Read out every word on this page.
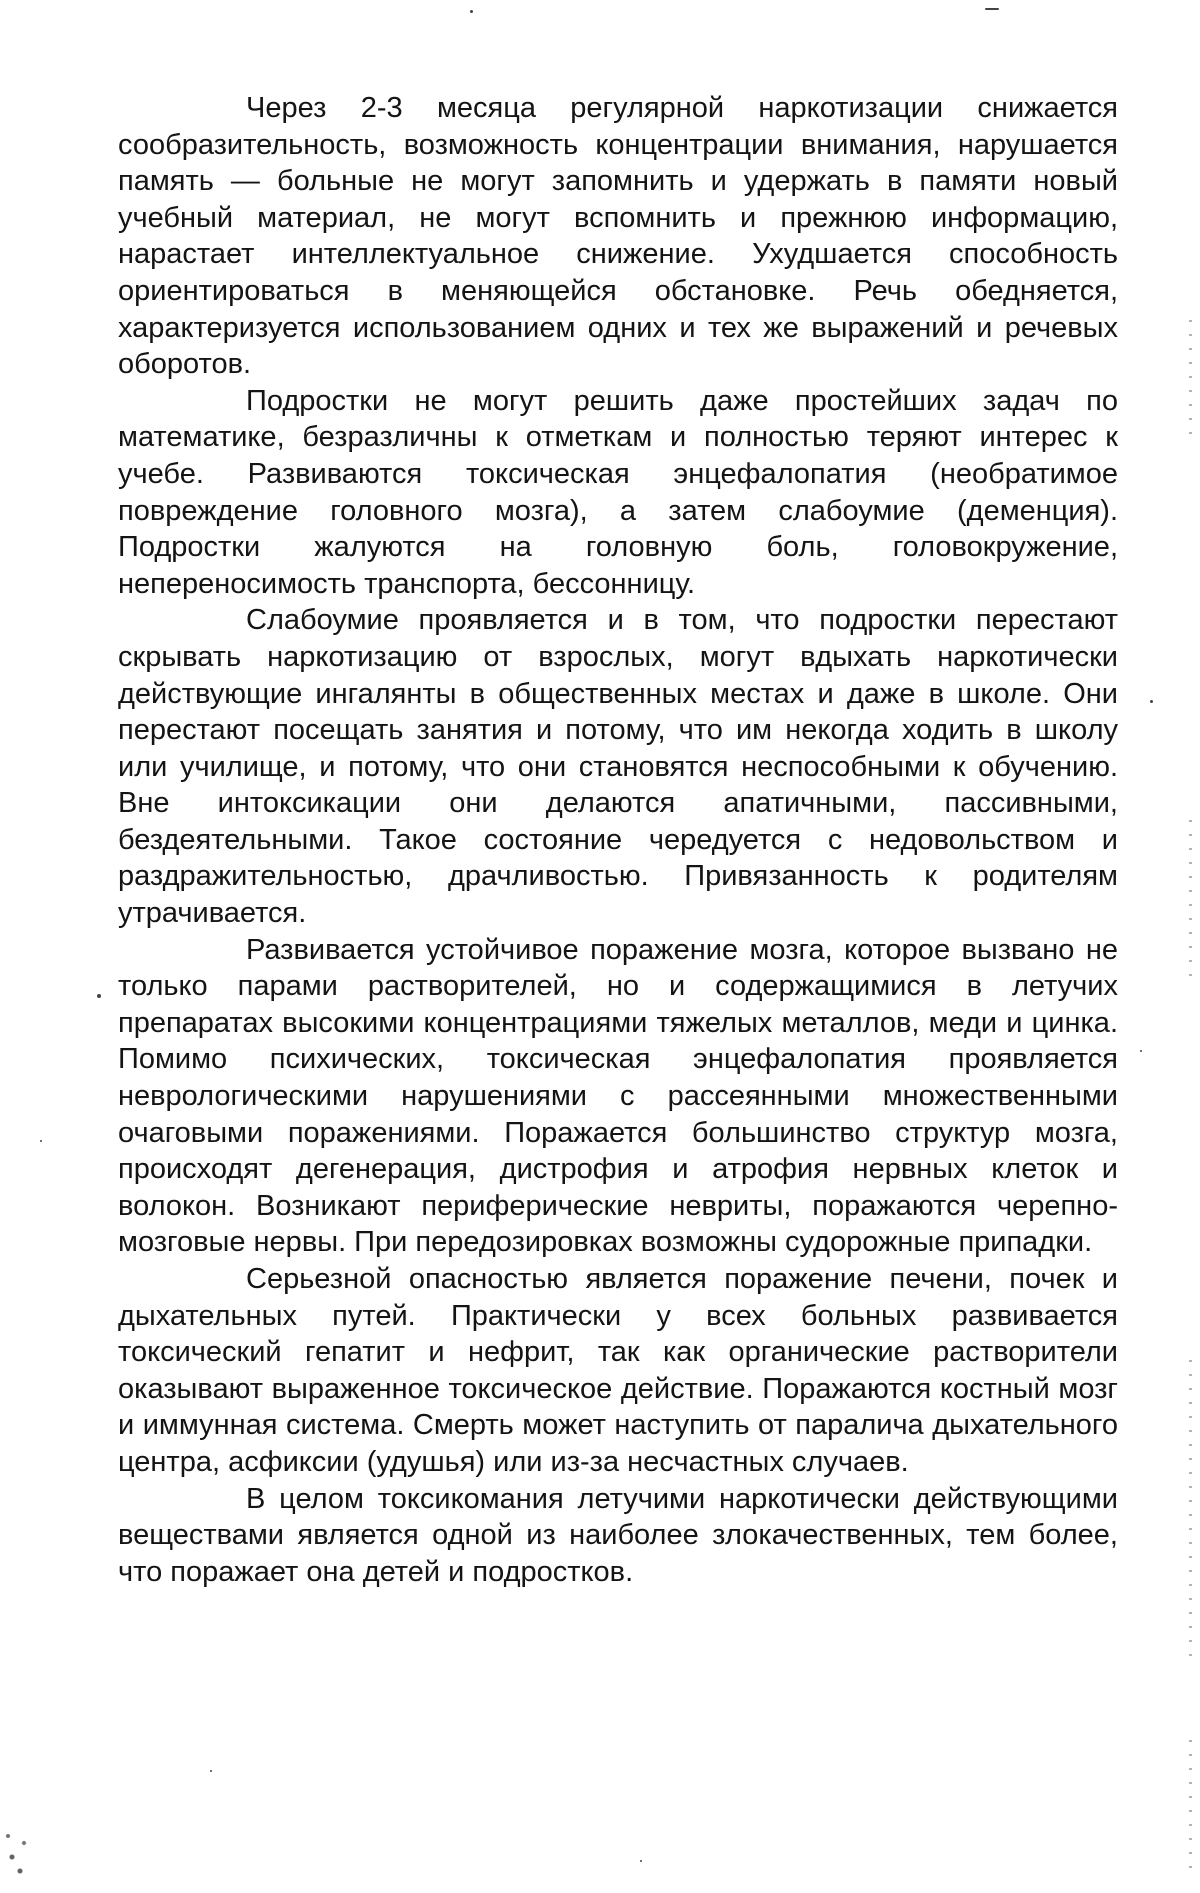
Через 2-3 месяца регулярной наркотизации снижается сообразительность, возможность концентрации внимания, нарушается память — больные не могут запомнить и удержать в памяти новый учебный материал, не могут вспомнить и прежнюю информацию, нарастает интеллектуальное снижение. Ухудшается способность ориентироваться в меняющейся обстановке. Речь обедняется, характеризуется использованием одних и тех же выражений и речевых оборотов.

Подростки не могут решить даже простейших задач по математике, безразличны к отметкам и полностью теряют интерес к учебе. Развиваются токсическая энцефалопатия (необратимое повреждение головного мозга), а затем слабоумие (деменция). Подростки жалуются на головную боль, головокружение, непереносимость транспорта, бессонницу.

Слабоумие проявляется и в том, что подростки перестают скрывать наркотизацию от взрослых, могут вдыхать наркотически действующие ингалянты в общественных местах и даже в школе. Они перестают посещать занятия и потому, что им некогда ходить в школу или училище, и потому, что они становятся неспособными к обучению. Вне интоксикации они делаются апатичными, пассивными, бездеятельными. Такое состояние чередуется с недовольством и раздражительностью, драчливостью. Привязанность к родителям утрачивается.

Развивается устойчивое поражение мозга, которое вызвано не только парами растворителей, но и содержащимися в летучих препаратах высокими концентрациями тяжелых металлов, меди и цинка. Помимо психических, токсическая энцефалопатия проявляется неврологическими нарушениями с рассеянными множественными очаговыми поражениями. Поражается большинство структур мозга, происходят дегенерация, дистрофия и атрофия нервных клеток и волокон. Возникают периферические невриты, поражаются черепно-мозговые нервы. При передозировках возможны судорожные припадки.

Серьезной опасностью является поражение печени, почек и дыхательных путей. Практически у всех больных развивается токсический гепатит и нефрит, так как органические растворители оказывают выраженное токсическое действие. Поражаются костный мозг и иммунная система. Смерть может наступить от паралича дыхательного центра, асфиксии (удушья) или из-за несчастных случаев.

В целом токсикомания летучими наркотически действующими веществами является одной из наиболее злокачественных, тем более, что поражает она детей и подростков.
